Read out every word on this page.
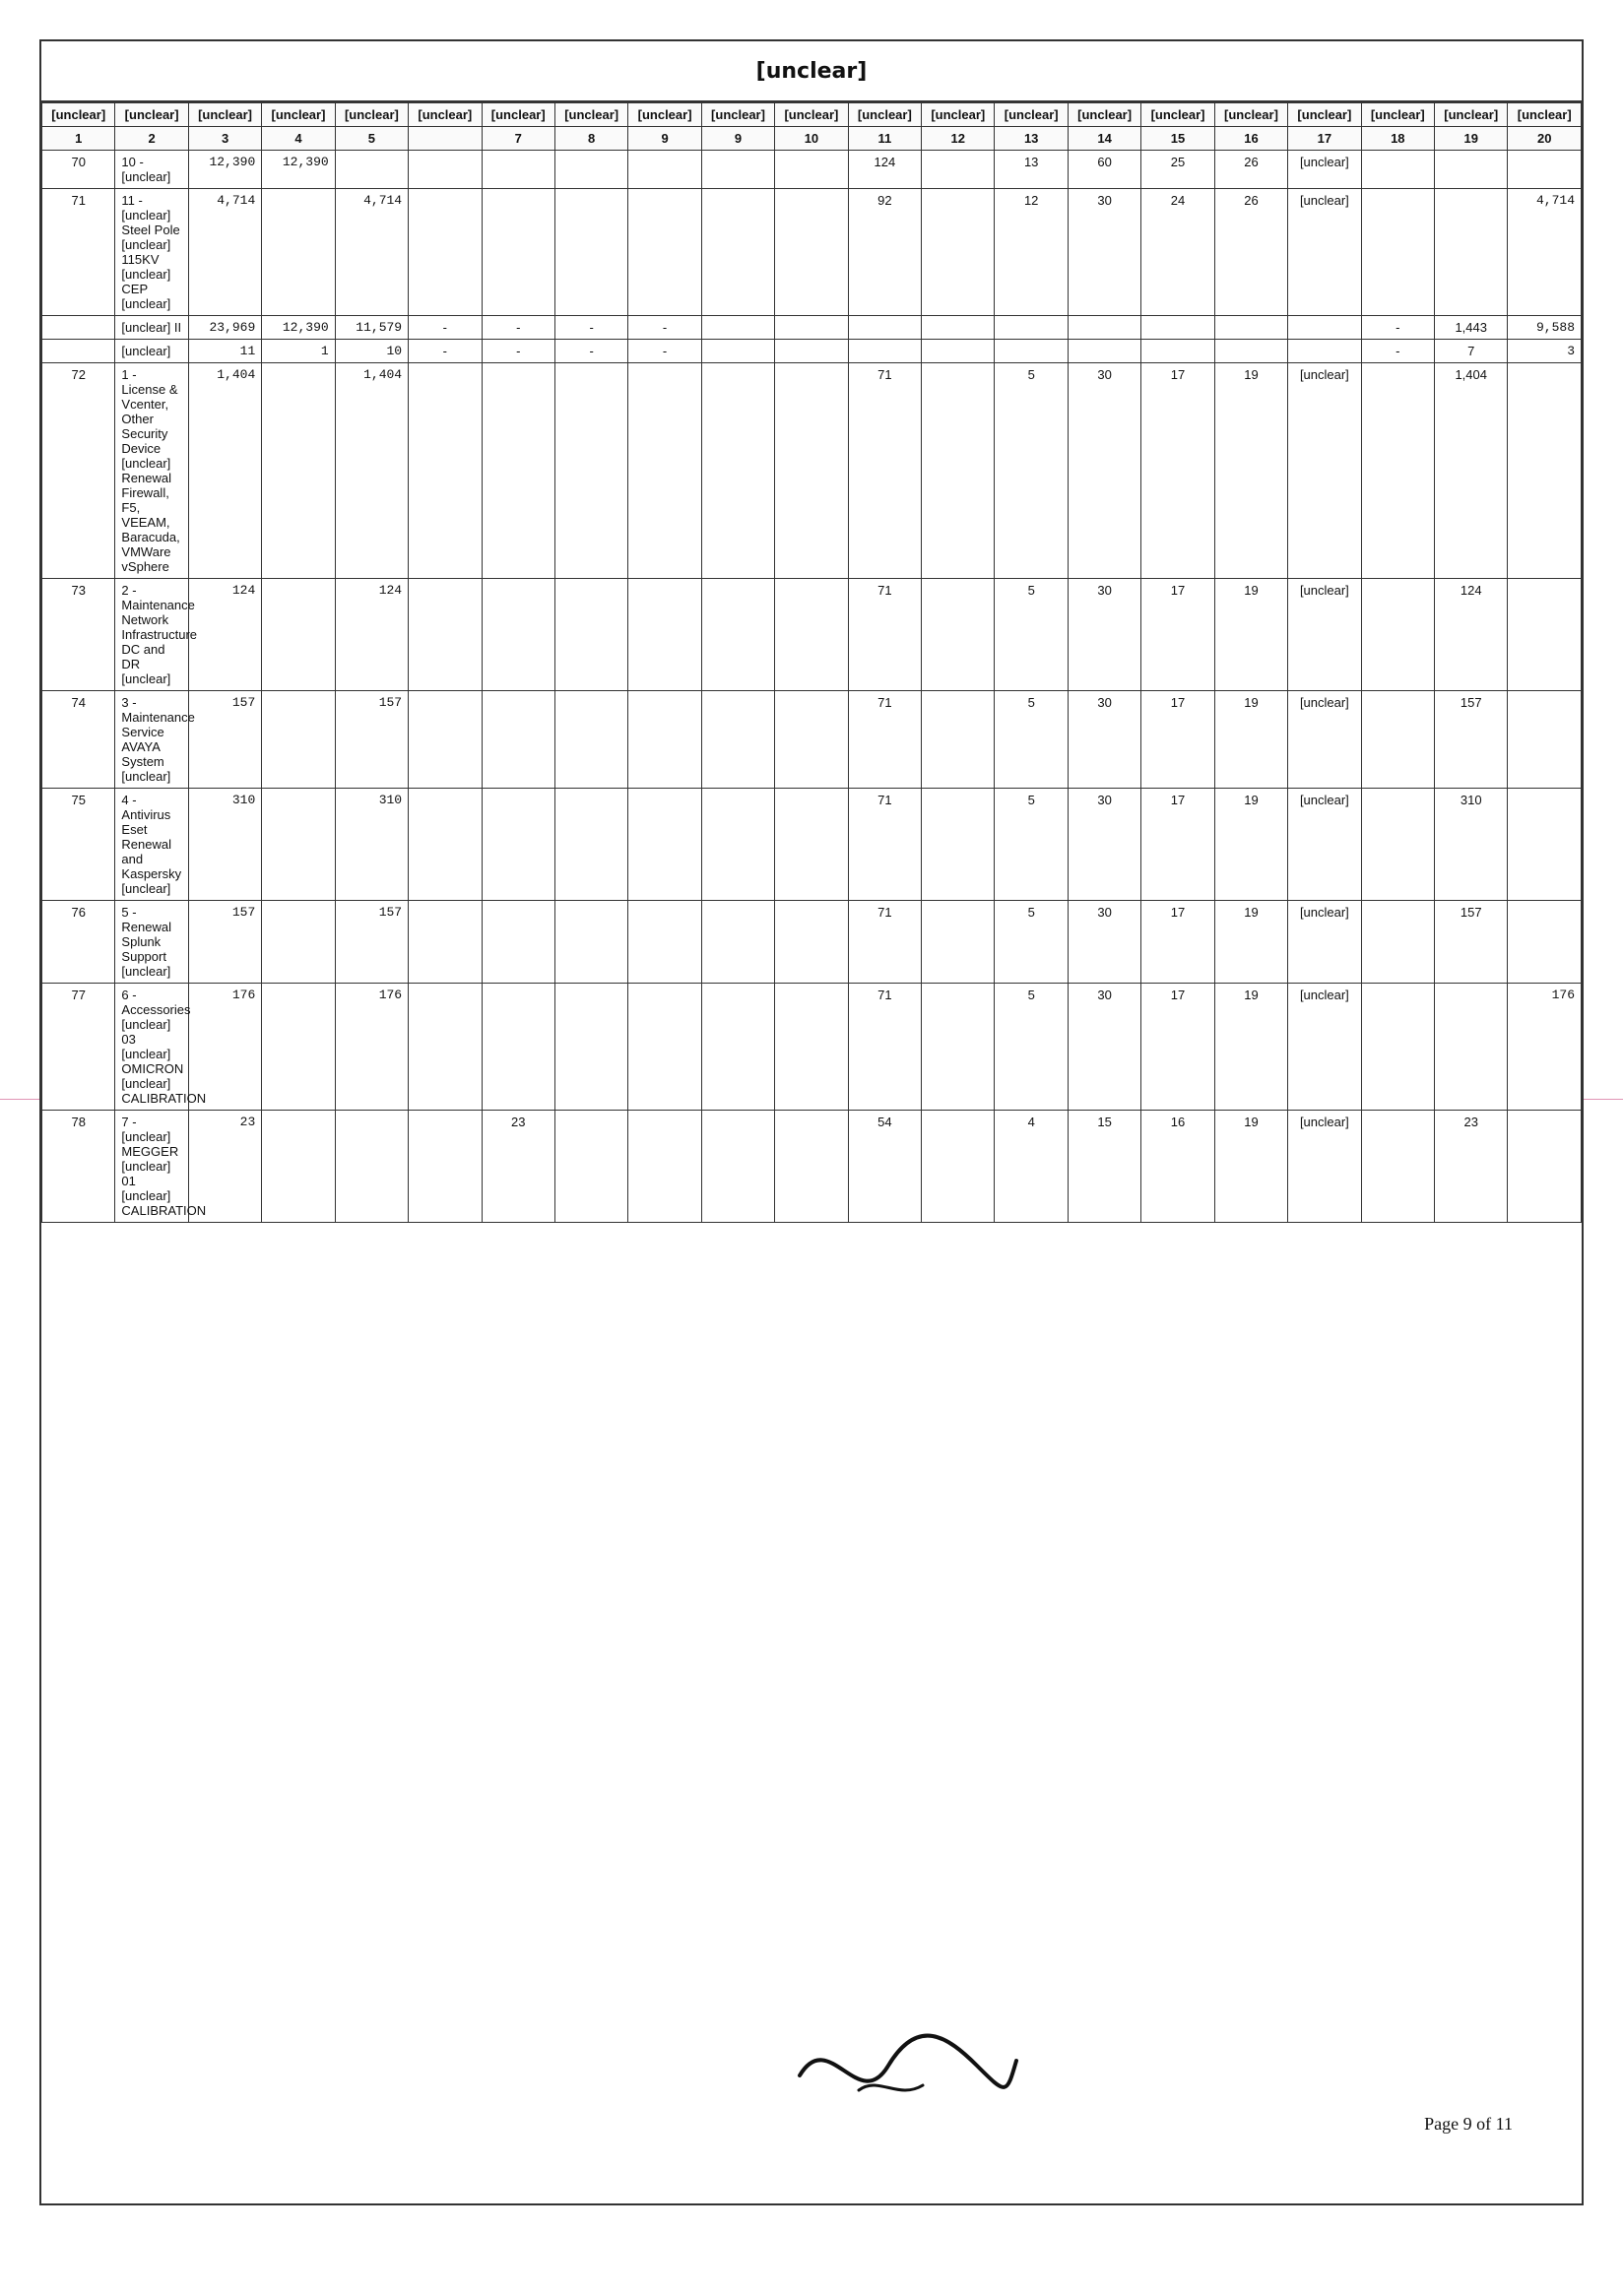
[unclear]
[unclear]	[unclear]	[unclear]	[unclear]	[unclear]	[unclear]	[unclear]	[unclear]	[unclear]	[unclear]	[unclear]	[unclear]	[unclear]	[unclear]	[unclear]	[unclear]	[unclear]	[unclear]	[unclear]	[unclear]	[unclear]
1	2	3	4	5		7	8	9	9	10	11	12	13	14	15	16	17	18	19	20
70	10 - [unclear]	12,390	12,390								124		13	60	25	26	[unclear]			
71	11 - [unclear] Steel Pole [unclear] 115KV [unclear] CEP [unclear]	4,714		4,714							92		12	30	24	26	[unclear]			4,714
	[unclear] II	23,969	12,390	11,579	-	-	-	-										-	1,443	9,588
	[unclear]	11	1	10	-	-	-	-										-	7	3
72	1 - License & Vcenter, Other Security Device [unclear] Renewal Firewall, F5, VEEAM, Baracuda, VMWare vSphere	1,404		1,404							71		5	30	17	19	[unclear]		1,404	
73	2 - Maintenance Network Infrastructure DC and DR [unclear]	124		124							71		5	30	17	19	[unclear]		124	
74	3 - Maintenance Service AVAYA System [unclear]	157		157							71		5	30	17	19	[unclear]		157	
75	4 - Antivirus Eset Renewal and Kaspersky [unclear]	310		310							71		5	30	17	19	[unclear]		310	
76	5 - Renewal Splunk Support [unclear]	157		157							71		5	30	17	19	[unclear]		157	
77	6 - Accessories [unclear] 03 [unclear] OMICRON [unclear] CALIBRATION	176		176							71		5	30	17	19	[unclear]			176
78	7 - [unclear] MEGGER [unclear] 01 [unclear] CALIBRATION	23				23					54		4	15	16	19	[unclear]		23	
Page 9 of 11
